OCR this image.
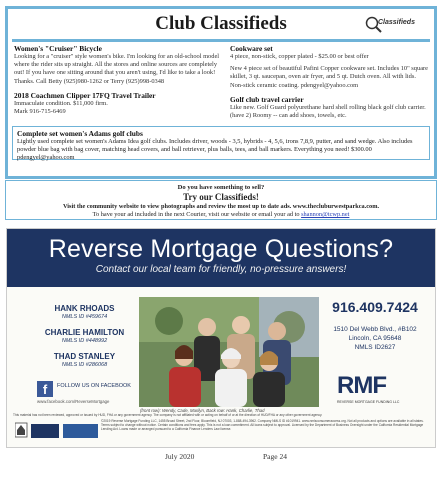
Club Classifieds	Classifieds
Women's "Cruiser" Bicycle

Looking for a "cruiser" style women's bike. I'm looking for an old-school model where the rider sits up straight. All the stores and online sources are completely out! If you have one sitting around that you aren't using, I'd like to take a look! Thanks. Call Betty (925)980-1262 or Terry (925)998-0348

2018 Coachmen Clipper 17FQ Travel Trailer
Immaculate condition. $11,000 firm.
Mark 916-715-6469
Cookware set
4 piece, non-stick, copper plated - $25.00 or best offer

New 4 piece set of beautiful Pafini Copper cookware set. Includes 10" square skillet, 3 qt. saucepan, oven air fryer, and 5 qt. Dutch oven. All with lids. Non-stick ceramic coating. pdengyel@yahoo.com

Golf club travel carrier

Like new. Golf Guard polyurethane hard shell rolling black golf club carrier. (have 2) Roomy -- can add shoes, towels, etc.

Complete set women's Adams golf clubs
Lightly used complete set women's Adams Idea golf clubs. Includes driver, woods - 3,5, hybrids - 4, 5,6, irons 7,8,9, putter, and sand wedge. Also includes powder blue bag with bag cover, matching head covers, and ball retriever, plus balls, tees, and ball markers. Everything you need! $300.00 pdengyel@yahoo.com
Do you have something to sell?
Try our Classifieds!
Visit the community website to view photographs and review the most up to date ads. www.thecluburwestparkca.com.
To have your ad included in the next Courier, visit our website or email your ad to shannon@tcwp.net
Reverse Mortgage Questions?
Contact our local team for friendly, no-pressure answers!
HANK RHOADS
NMLS ID #459674
CHARLIE HAMILTON
NMLS ID #448992
THAD STANLEY
NMLS ID #286068
f	FOLLOW US ON FACEBOOK
www.facebook.com/ReverseMortgage
(front row): Wendy, Cade, Marilyn, Back row: Hank, Charlie, Thad
916.409.7424
1510 Del Webb Blvd., #B102
Lincoln, CA 95648
NMLS ID2627
RMF
REVERSE MORTGAGE FUNDING LLC
This material has not been reviewed, approved or issued by HUD, FHA or any government agency. The company is not affiliated with or acting on behalf of or at the direction of HUD/FHA or any other government agency.
©2019 Reverse Mortgage Funding LLC, 1455 Broad Street, 2nd Floor, Bloomfield, NJ 07003, 1-888-494-3962. Company NMLS ID #1019941. www.nmlsconsumeraccess.org. Not all products and options are available in all states. Terms subject to change without notice. Certain conditions and fees apply. This is not a loan commitment. All loans subject to approval. Licensed by the Department of Business Oversight under the California Residential Mortgage Lending Act. Loans made or arranged pursuant to a California Finance Lenders Law license.
July 2020	Page 24
